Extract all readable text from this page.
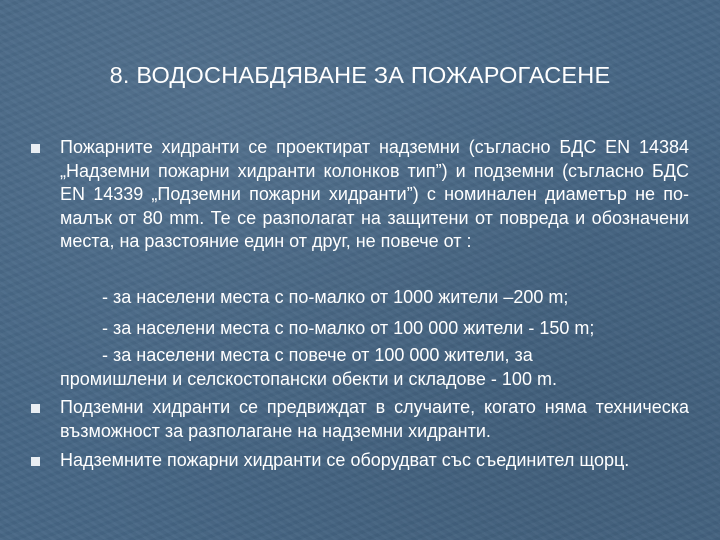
8. ВОДОСНАБДЯВАНЕ ЗА ПОЖАРОГАСЕНЕ
Пожарните хидранти се проектират надземни (съгласно БДС EN 14384 „Надземни пожарни хидранти колонков тип”) и подземни (съгласно БДС EN 14339 „Подземни пожарни хидранти”) с номинален диаметър не по-малък от 80 mm. Те се разполагат на защитени от повреда и обозначени места, на разстояние един от друг, не повече от :
- за населени места с по-малко от 1000 жители –200 m;
- за населени места с по-малко от 100 000 жители - 150 m;
- за населени места с повече от 100 000 жители, за
промишлени и селскостопански обекти и складове - 100 m.
Подземни хидранти се предвиждат в случаите, когато няма техническа възможност за разполагане на надземни хидранти.
Надземните пожарни хидранти се оборудват със съединител щорц.
